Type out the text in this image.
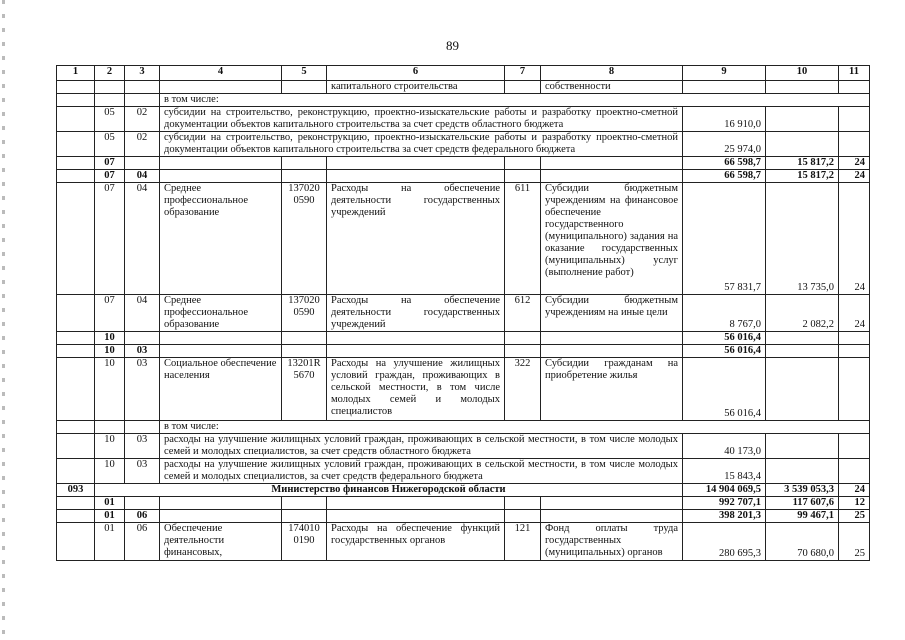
89
1	2	3	4	5	6	7	8	9	10	11
					капитального строительства		собственности			
			в том числе:							
	05	02	субсидии на строительство, реконструкцию, проектно-изыскательские работы и разработку проектно-сметной документации объектов капитального строительства за счет средств областного бюджета					16 910,0		
	05	02	субсидии на строительство, реконструкцию, проектно-изыскательские работы и разработку проектно-сметной документации объектов капитального строительства за счет средств федерального бюджета					25 974,0		
	07							66 598,7	15 817,2	24
	07	04						66 598,7	15 817,2	24
	07	04	Среднее профессиональное образование	137020 0590	Расходы на обеспечение деятельности государственных учреждений	611	Субсидии бюджетным учреждениям на финансовое обеспечение государственного (муниципального) задания на оказание государственных (муниципальных) услуг (выполнение работ)	57 831,7	13 735,0	24
	07	04	Среднее профессиональное образование	137020 0590	Расходы на обеспечение деятельности государственных учреждений	612	Субсидии бюджетным учреждениям на иные цели	8 767,0	2 082,2	24
	10							56 016,4		
	10	03						56 016,4		
	10	03	Социальное обеспечение населения	13201R 5670	Расходы на улучшение жилищных условий граждан, проживающих в сельской местности, в том числе молодых семей и молодых специалистов	322	Субсидии гражданам на приобретение жилья	56 016,4		
			в том числе:							
	10	03	расходы на улучшение жилищных условий граждан, проживающих в сельской местности, в том числе молодых семей и молодых специалистов, за счет средств областного бюджета					40 173,0		
	10	03	расходы на улучшение жилищных условий граждан, проживающих в сельской местности, в том числе молодых семей и молодых специалистов, за счет средств федерального бюджета					15 843,4		
093	Министерство финансов Нижегородской области							14 904 069,5	3 539 053,3	24
	01							992 707,1	117 607,6	12
	01	06						398 201,3	99 467,1	25
	01	06	Обеспечение деятельности финансовых,	174010 0190	Расходы на обеспечение функций государственных органов	121	Фонд оплаты труда государственных (муниципальных) органов	280 695,3	70 680,0	25
